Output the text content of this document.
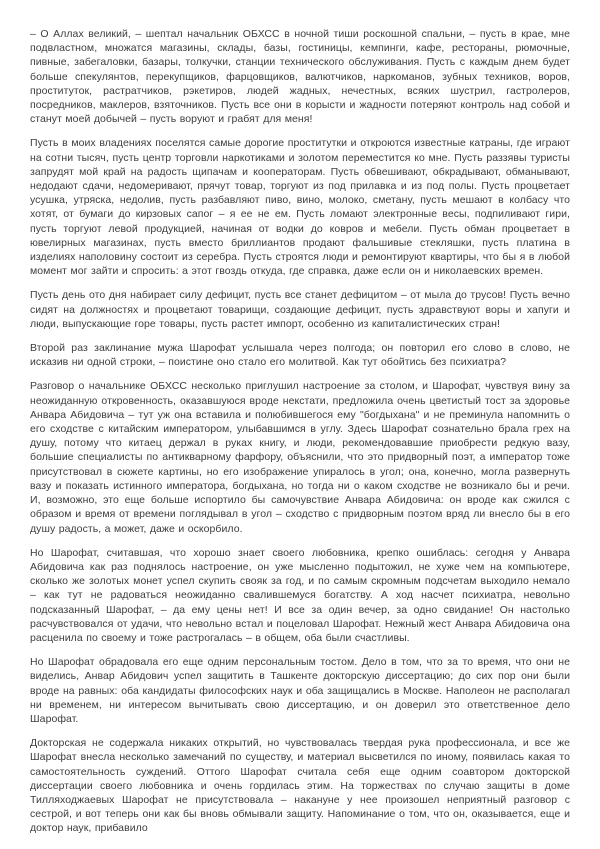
– О Аллах великий, – шептал начальник ОБХСС в ночной тиши роскошной спальни, – пусть в крае, мне подвластном, множатся магазины, склады, базы, гостиницы, кемпинги, кафе, рестораны, рюмочные, пивные, забегаловки, базары, толкучки, станции технического обслуживания. Пусть с каждым днем будет больше спекулянтов, перекупщиков, фарцовщиков, валютчиков, наркоманов, зубных техников, воров, проституток, растратчиков, рэкетиров, людей жадных, нечестных, всяких шустрил, гастролеров, посредников, маклеров, взяточников. Пусть все они в корысти и жадности потеряют контроль над собой и станут моей добычей – пусть воруют и грабят для меня!

Пусть в моих владениях поселятся самые дорогие проститутки и откроются известные катраны, где играют на сотни тысяч, пусть центр торговли наркотиками и золотом переместится ко мне. Пусть раззявы туристы запрудят мой край на радость щипачам и кооператорам. Пусть обвешивают, обкрадывают, обманывают, недодают сдачи, недомеривают, прячут товар, торгуют из под прилавка и из под полы. Пусть процветает усушка, утряска, недолив, пусть разбавляют пиво, вино, молоко, сметану, пусть мешают в колбасу что хотят, от бумаги до кирзовых сапог – я ее не ем. Пусть ломают электронные весы, подпиливают гири, пусть торгуют левой продукцией, начиная от водки до ковров и мебели. Пусть обман процветает в ювелирных магазинах, пусть вместо бриллиантов продают фальшивые стекляшки, пусть платина в изделиях наполовину состоит из серебра. Пусть строятся люди и ремонтируют квартиры, что бы я в любой момент мог зайти и спросить: а этот гвоздь откуда, где справка, даже если он и николаевских времен.

Пусть день ото дня набирает силу дефицит, пусть все станет дефицитом – от мыла до трусов! Пусть вечно сидят на должностях и процветают товарищи, создающие дефицит, пусть здравствуют воры и хапуги и люди, выпускающие горе товары, пусть растет импорт, особенно из капиталистических стран!

Второй раз заклинание мужа Шарофат услышала через полгода; он повторил его слово в слово, не исказив ни одной строки, – поистине оно стало его молитвой. Как тут обойтись без психиатра?

Разговор о начальнике ОБХСС несколько приглушил настроение за столом, и Шарофат, чувствуя вину за неожиданную откровенность, оказавшуюся вроде некстати, предложила очень цветистый тост за здоровье Анвара Абидовича – тут уж она вставила и полюбившегося ему "богдыхана" и не преминула напомнить о его сходстве с китайским императором, улыбавшимся в углу. Здесь Шарофат сознательно брала грех на душу, потому что китаец держал в руках книгу, и люди, рекомендовавшие приобрести редкую вазу, большие специалисты по антикварному фарфору, объяснили, что это придворный поэт, а император тоже присутствовал в сюжете картины, но его изображение упиралось в угол; она, конечно, могла развернуть вазу и показать истинного императора, богдыхана, но тогда ни о каком сходстве не возникало бы и речи. И, возможно, это еще больше испортило бы самочувствие Анвара Абидовича: он вроде как сжился с образом и время от времени поглядывал в угол – сходство с придворным поэтом вряд ли внесло бы в его душу радость, а может, даже и оскорбило.

Но Шарофат, считавшая, что хорошо знает своего любовника, крепко ошиблась: сегодня у Анвара Абидовича как раз поднялось настроение, он уже мысленно подытожил, не хуже чем на компьютере, сколько же золотых монет успел скупить свояк за год, и по самым скромным подсчетам выходило немало – как тут не радоваться неожиданно свалившемуся богатству. А ход насчет психиатра, невольно подсказанный Шарофат, – да ему цены нет! И все за один вечер, за одно свидание! Он настолько расчувствовался от удачи, что невольно встал и поцеловал Шарофат. Нежный жест Анвара Абидовича она расценила по своему и тоже растрогалась – в общем, оба были счастливы.

Но Шарофат обрадовала его еще одним персональным тостом. Дело в том, что за то время, что они не виделись, Анвар Абидович успел защитить в Ташкенте докторскую диссертацию; до сих пор они были вроде на равных: оба кандидаты философских наук и оба защищались в Москве. Наполеон не располагал ни временем, ни интересом вычитывать свою диссертацию, и он доверил это ответственное дело Шарофат.

Докторская не содержала никаких открытий, но чувствовалась твердая рука профессионала, и все же Шарофат внесла несколько замечаний по существу, и материал высветился по иному, появилась какая то самостоятельность суждений. Оттого Шарофат считала себя еще одним соавтором докторской диссертации своего любовника и очень гордилась этим. На торжествах по случаю защиты в доме Тилляходжаевых Шарофат не присутствовала – накануне у нее произошел неприятный разговор с сестрой, и вот теперь они как бы вновь обмывали защиту. Напоминание о том, что он, оказывается, еще и доктор наук, прибавило
